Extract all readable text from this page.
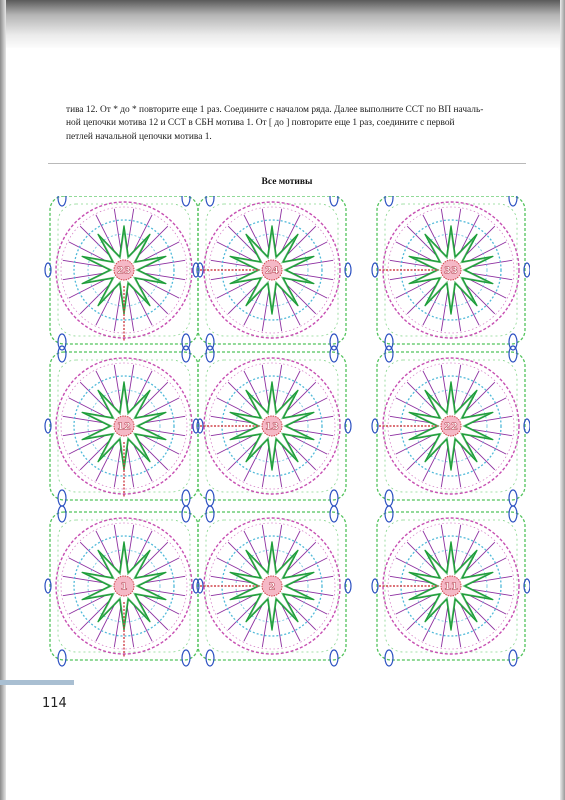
тива 12. От * до * повторите еще 1 раз. Соедините с началом ряда. Далее выполните ССТ по ВП началь-
ной цепочки мотива 12 и ССТ в СБН мотива 1. От [ до ] повторите еще 1 раз, соедините с первой
петлей начальной цепочки мотива 1.

Все мотивы
23
12
1
24
13
2
33
22
11
114
